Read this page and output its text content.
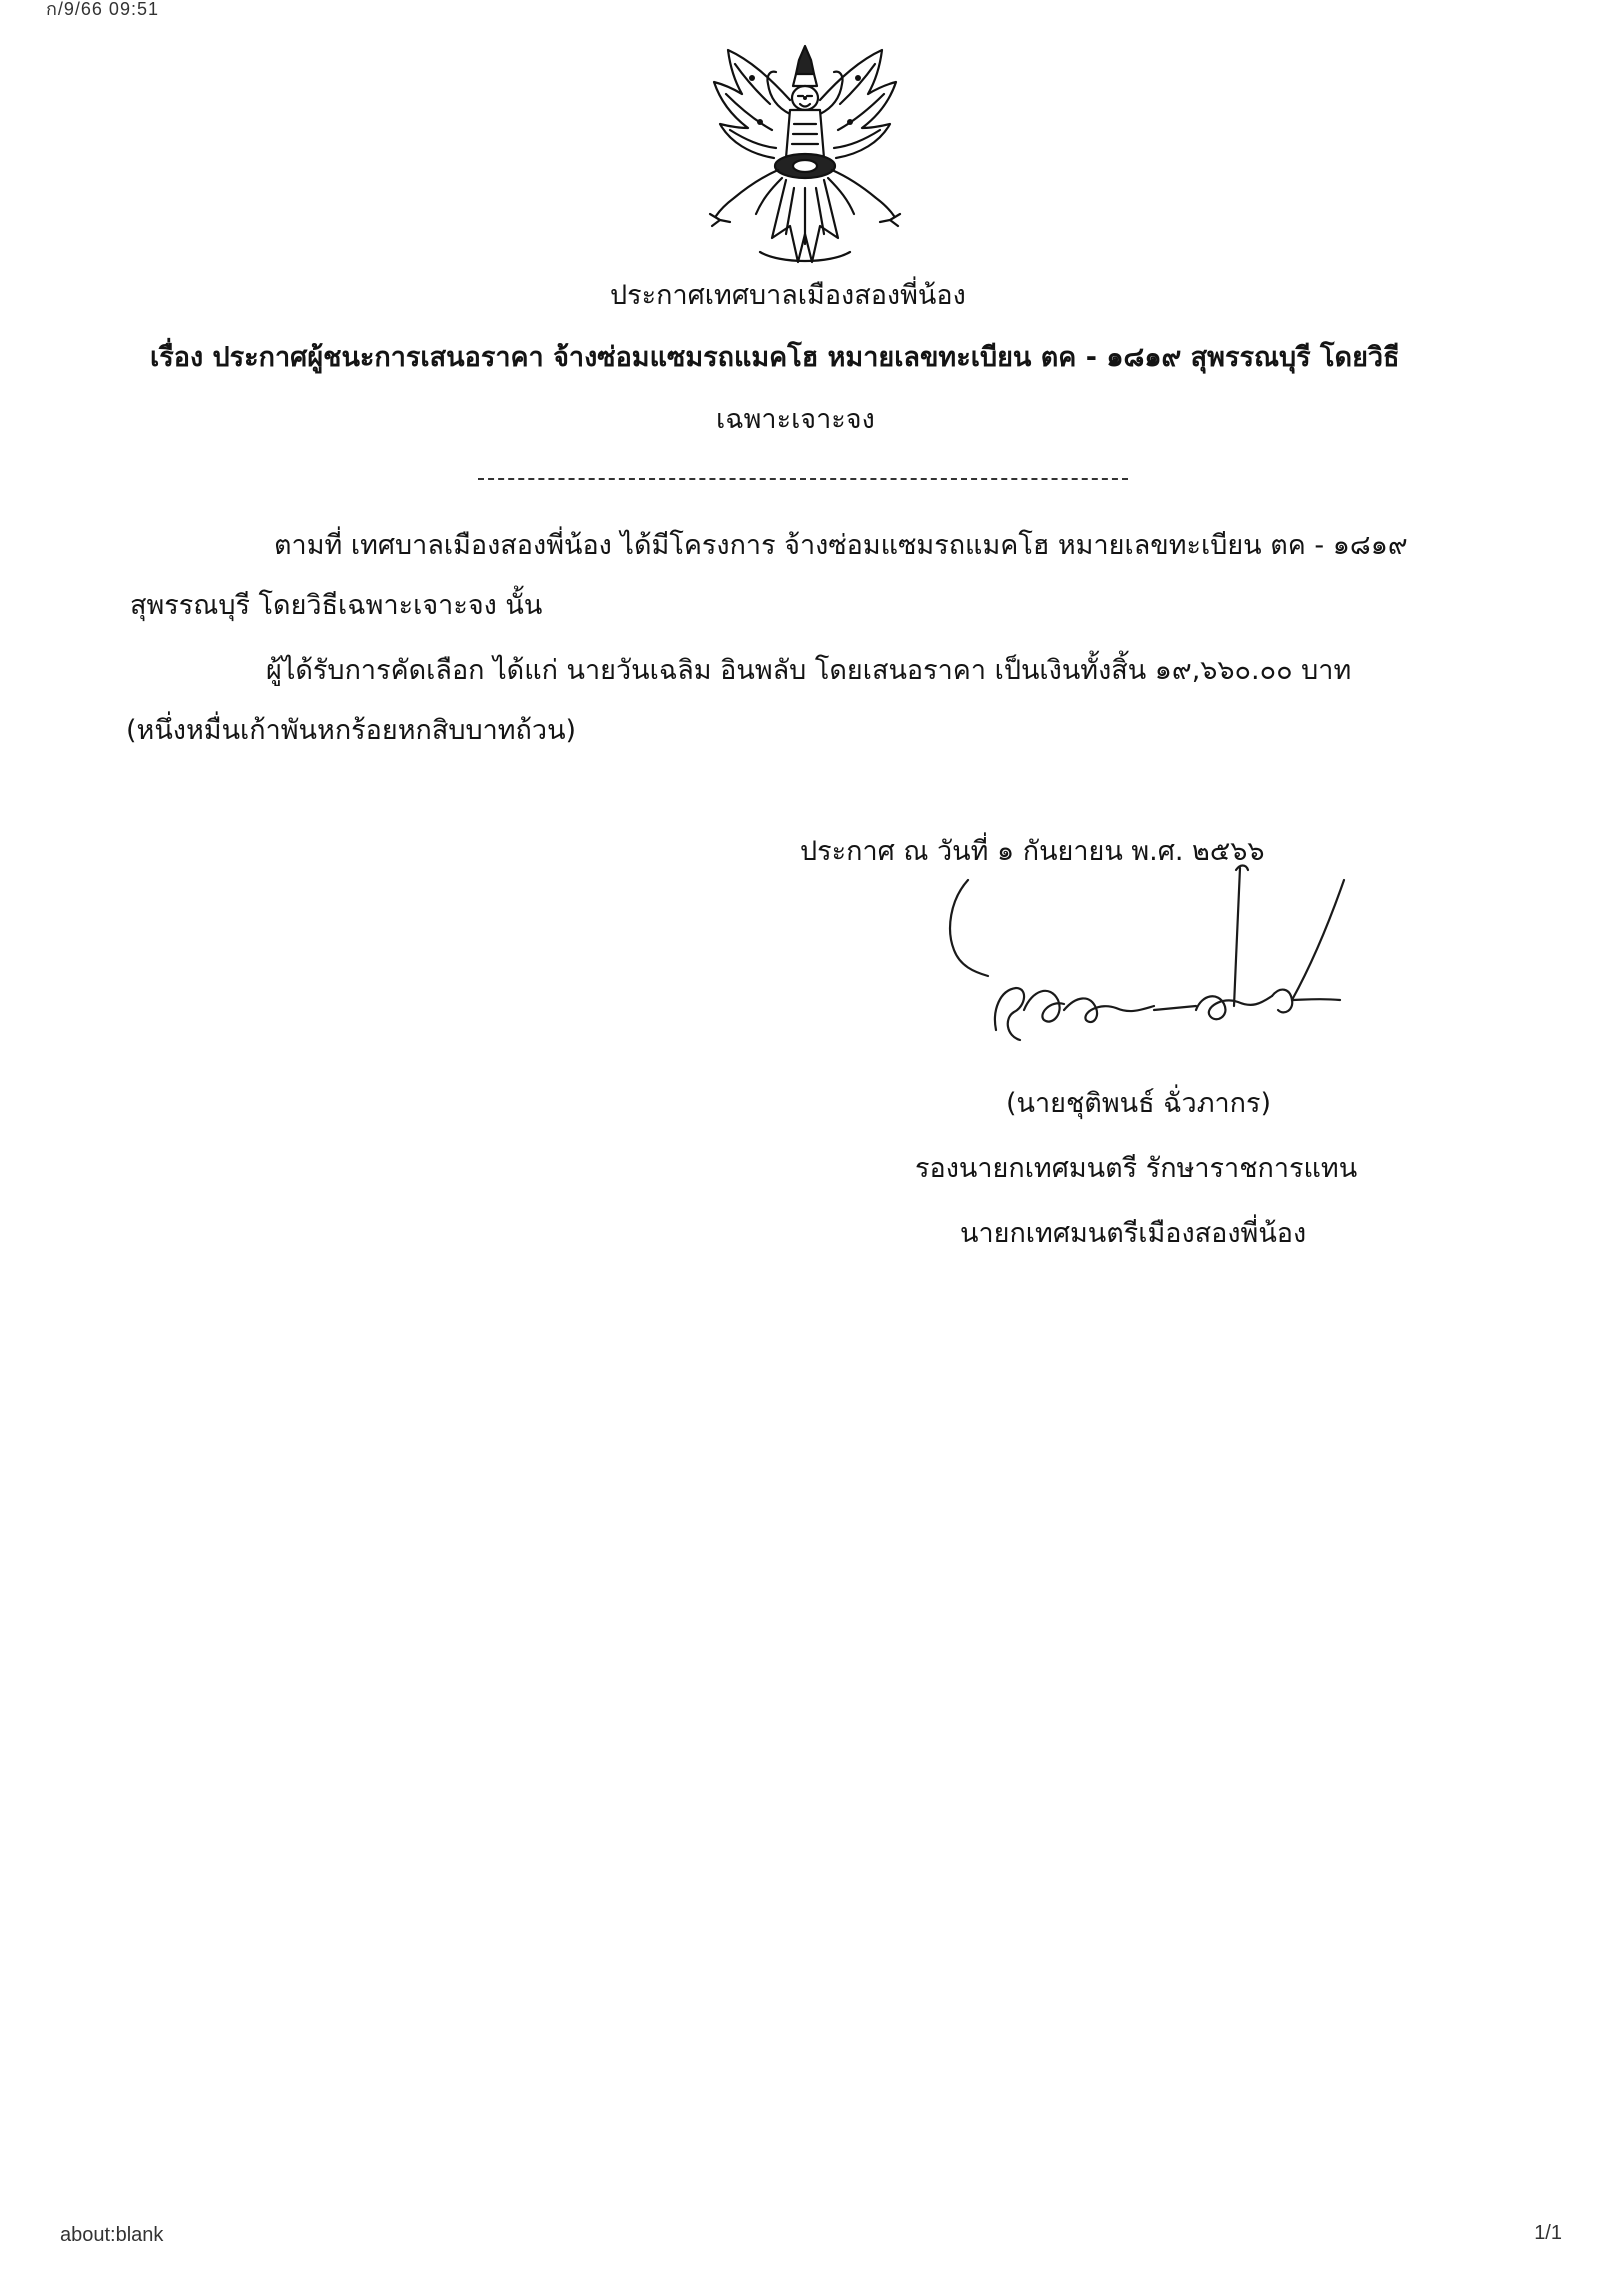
ก/9/66 09:51
ประกาศเทศบาลเมืองสองพี่น้อง
เรื่อง ประกาศผู้ชนะการเสนอราคา จ้างซ่อมแซมรถแมคโฮ หมายเลขทะเบียน ตค - ๑๘๑๙ สุพรรณบุรี โดยวิธี
เฉพาะเจาะจง
ตามที่ เทศบาลเมืองสองพี่น้อง ได้มีโครงการ จ้างซ่อมแซมรถแมคโฮ หมายเลขทะเบียน ตค - ๑๘๑๙
สุพรรณบุรี โดยวิธีเฉพาะเจาะจง นั้น
ผู้ได้รับการคัดเลือก ได้แก่ นายวันเฉลิม อินพลับ โดยเสนอราคา เป็นเงินทั้งสิ้น ๑๙,๖๖๐.๐๐ บาท
(หนึ่งหมื่นเก้าพันหกร้อยหกสิบบาทถ้วน)
ประกาศ ณ วันที่ ๑ กันยายน พ.ศ. ๒๕๖๖
(นายชุติพนธ์ ฉั่วภากร)
รองนายกเทศมนตรี รักษาราชการแทน
นายกเทศมนตรีเมืองสองพี่น้อง
about:blank	1/1
